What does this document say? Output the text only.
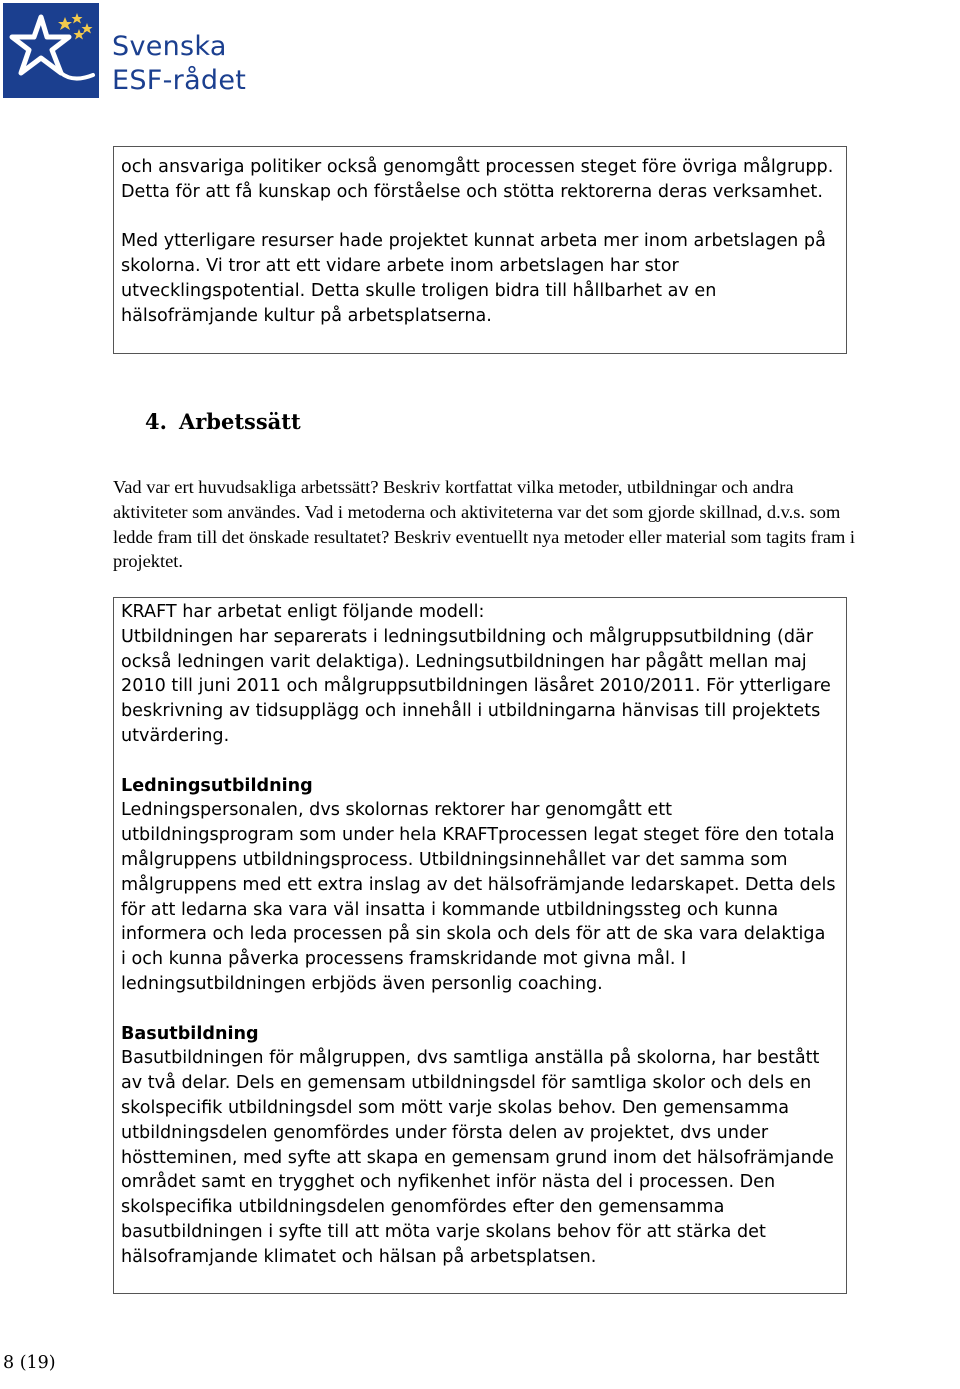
Svenska
ESF-rådet

och ansvariga politiker också genomgått processen steget före övriga målgrupp.

Detta för att få kunskap och förståelse och stötta rektorerna deras verksamhet.

Med ytterligare resurser hade projektet kunnat arbeta mer inom arbetslagen på

skolorna. Vi tror att ett vidare arbete inom arbetslagen har stor

utvecklingspotential. Detta skulle troligen bidra till hållbarhet av en

hälsofrämjande kultur på arbetsplatserna.

4. Arbetssätt

Vad var ert huvudsakliga arbetssätt? Beskriv kortfattat vilka metoder, utbildningar och andra

aktiviteter som användes. Vad i metoderna och aktiviteterna var det som gjorde skillnad, d.v.s. som

ledde fram till det önskade resultatet? Beskriv eventuellt nya metoder eller material som tagits fram i

projektet.

KRAFT har arbetat enligt följande modell:

Utbildningen har separerats i ledningsutbildning och målgruppsutbildning (där

också ledningen varit delaktiga). Ledningsutbildningen har pågått mellan maj

2010 till juni 2011 och målgruppsutbildningen läsåret 2010/2011. För ytterligare

beskrivning av tidsupplägg och innehåll i utbildningarna hänvisas till projektets

utvärdering.

Ledningsutbildning

Ledningspersonalen, dvs skolornas rektorer har genomgått ett

utbildningsprogram som under hela KRAFTprocessen legat steget före den totala

målgruppens utbildningsprocess. Utbildningsinnehållet var det samma som

målgruppens med ett extra inslag av det hälsofrämjande ledarskapet. Detta dels

för att ledarna ska vara väl insatta i kommande utbildningssteg och kunna

informera och leda processen på sin skola och dels för att de ska vara delaktiga

i och kunna påverka processens framskridande mot givna mål. I

ledningsutbildningen erbjöds även personlig coaching.

Basutbildning

Basutbildningen för målgruppen, dvs samtliga anställa på skolorna, har bestått

av två delar. Dels en gemensam utbildningsdel för samtliga skolor och dels en

skolspecifik utbildningsdel som mött varje skolas behov. Den gemensamma

utbildningsdelen genomfördes under första delen av projektet, dvs under

höstteminen, med syfte att skapa en gemensam grund inom det hälsofrämjande

området samt en trygghet och nyfikenhet inför nästa del i processen. Den

skolspecifika utbildningsdelen genomfördes efter den gemensamma

basutbildningen i syfte till att möta varje skolans behov för att stärka det

hälsoframjande klimatet och hälsan på arbetsplatsen.

8 (19)
